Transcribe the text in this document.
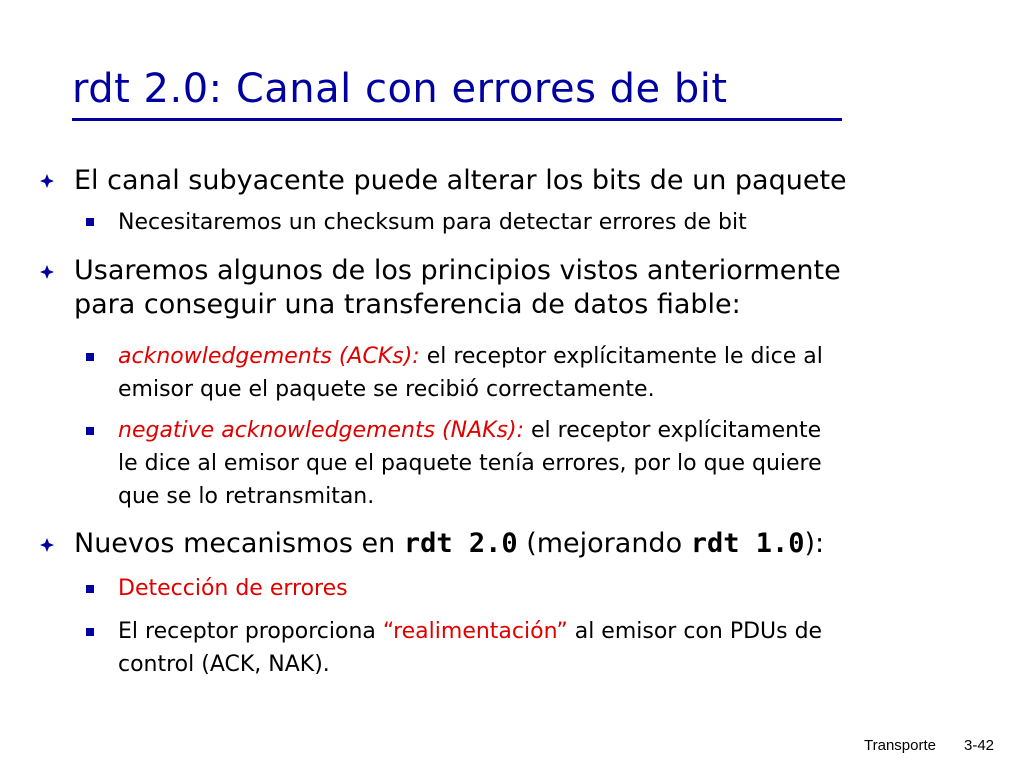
rdt 2.0: Canal con errores de bit
El canal subyacente puede alterar los bits de un paquete
Necesitaremos un checksum para detectar errores de bit
Usaremos algunos de los principios vistos anteriormente
para conseguir una transferencia de datos fiable:
acknowledgements (ACKs): el receptor explícitamente le dice al
emisor que el paquete se recibió correctamente.
negative acknowledgements (NAKs): el receptor explícitamente
le dice al emisor que el paquete tenía errores, por lo que quiere
que se lo retransmitan.
Nuevos mecanismos en rdt 2.0 (mejorando rdt 1.0):
Detección de errores
El receptor proporciona “realimentación” al emisor con PDUs de
control (ACK, NAK).
Transporte 3-42
